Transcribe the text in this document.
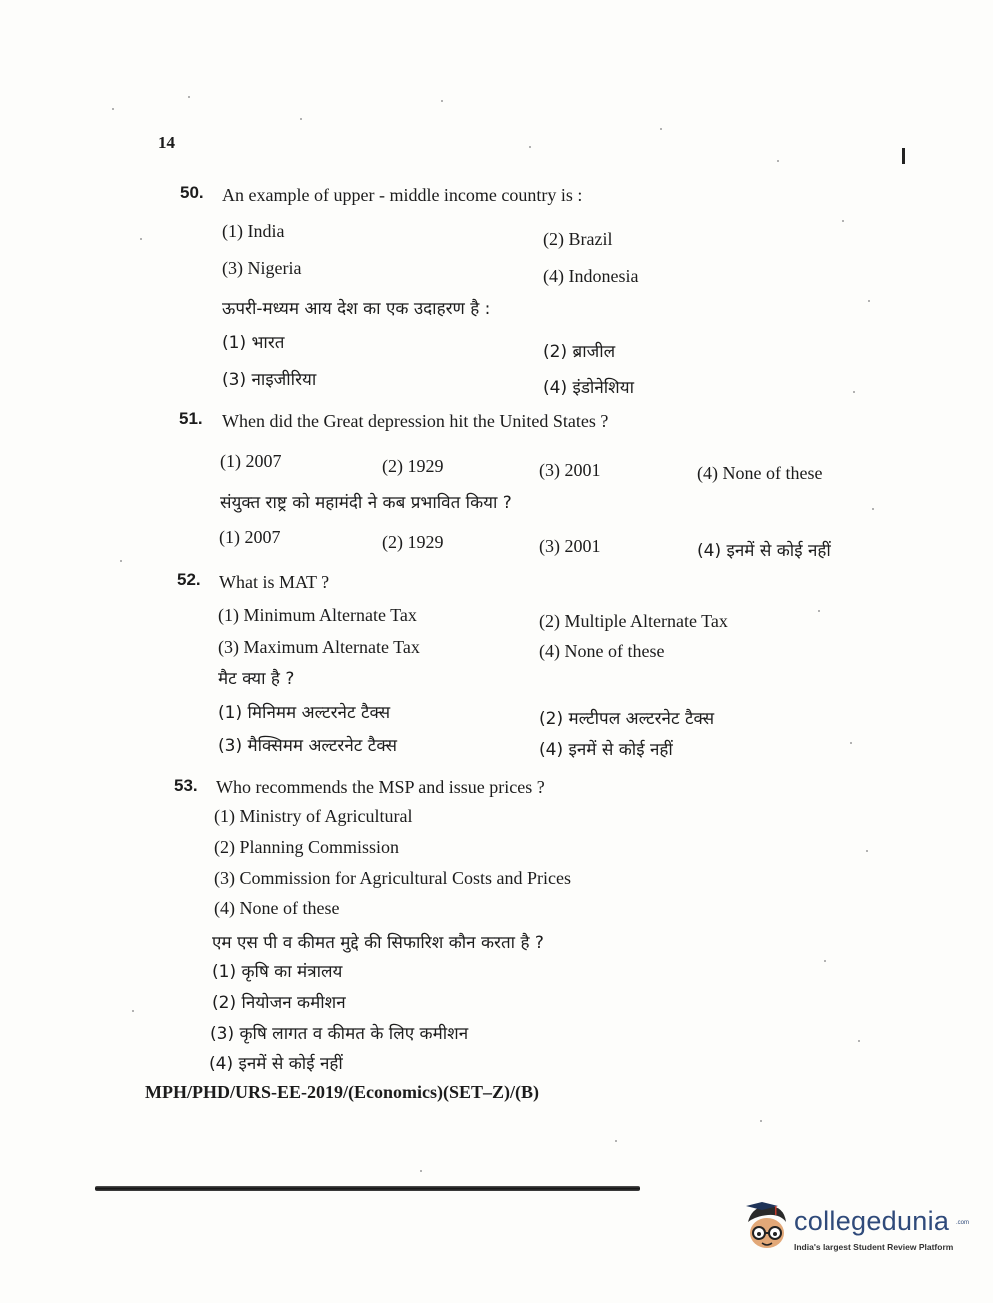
14
50. An example of upper - middle income country is :
(1) India	(2) Brazil
(3) Nigeria	(4) Indonesia
ऊपरी-मध्यम आय देश का एक उदाहरण है :
(1) भारत	(2) ब्राजील
(3) नाइजीरिया	(4) इंडोनेशिया
51. When did the Great depression hit the United States ?
(1) 2007	(2) 1929	(3) 2001	(4) None of these
संयुक्त राष्ट्र को महामंदी ने कब प्रभावित किया ?
(1) 2007	(2) 1929	(3) 2001	(4) इनमें से कोई नहीं
52. What is MAT ?
(1) Minimum Alternate Tax	(2) Multiple Alternate Tax
(3) Maximum Alternate Tax	(4) None of these
मैट क्या है ?
(1) मिनिमम अल्टरनेट टैक्स	(2) मल्टीपल अल्टरनेट टैक्स
(3) मैक्सिमम अल्टरनेट टैक्स	(4) इनमें से कोई नहीं
53. Who recommends the MSP and issue prices ?
(1) Ministry of Agricultural
(2) Planning Commission
(3) Commission for Agricultural Costs and Prices
(4) None of these
एम एस पी व कीमत मुद्दे की सिफारिश कौन करता है ?
(1) कृषि का मंत्रालय
(2) नियोजन कमीशन
(3) कृषि लागत व कीमत के लिए कमीशन
(4) इनमें से कोई नहीं
MPH/PHD/URS-EE-2019/(Economics)(SET–Z)/(B)
collegedunia .com
India's largest Student Review Platform
